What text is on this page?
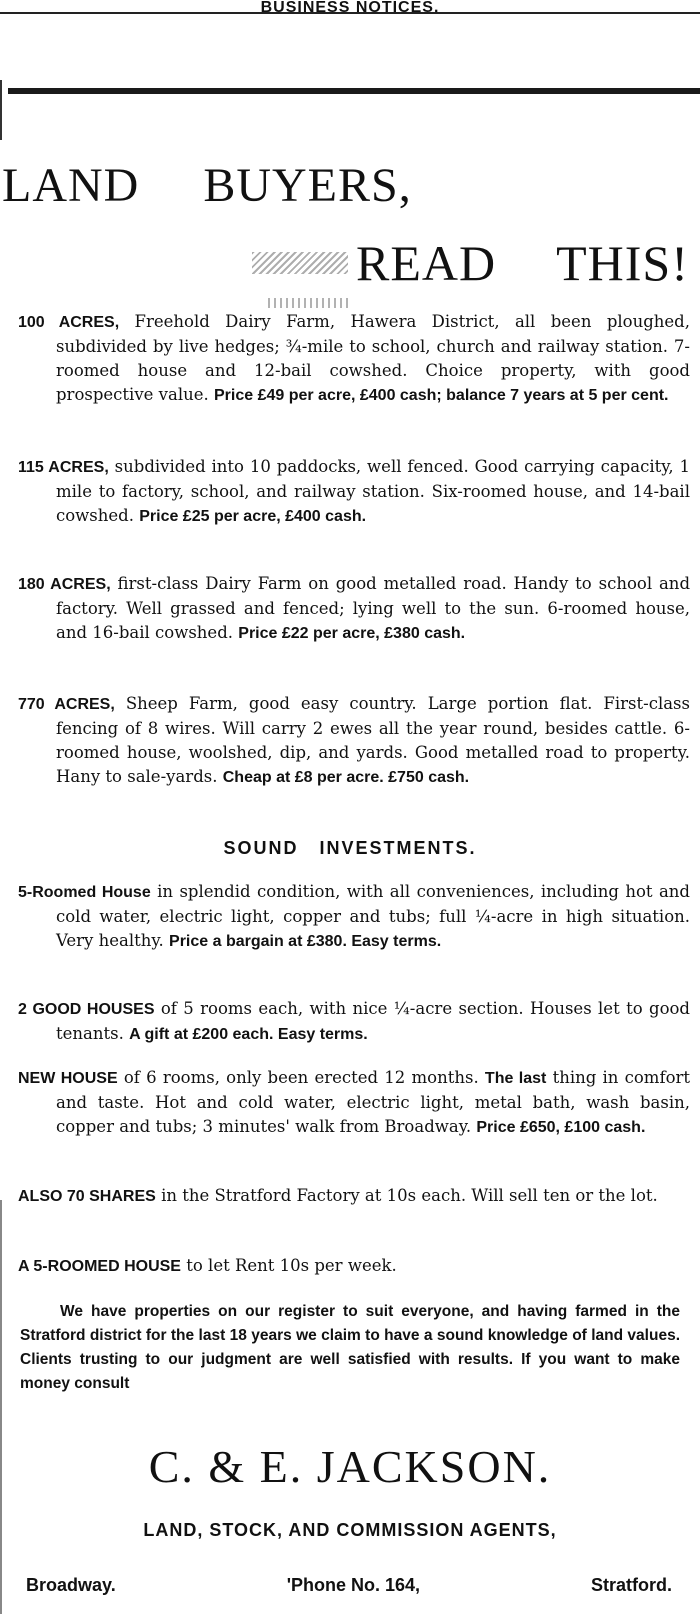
BUSINESS NOTICES.
LAND BUYERS,
READ THIS!
100 ACRES, Freehold Dairy Farm, Hawera District, all been ploughed, subdivided by live hedges; ¾-mile to school, church and railway station. 7-roomed house and 12-bail cowshed. Choice property, with good prospective value. Price £49 per acre, £400 cash; balance 7 years at 5 per cent.
115 ACRES, subdivided into 10 paddocks, well fenced. Good carrying capacity, 1 mile to factory, school, and railway station. Six-roomed house, and 14-bail cowshed. Price £25 per acre, £400 cash.
180 ACRES, first-class Dairy Farm on good metalled road. Handy to school and factory. Well grassed and fenced; lying well to the sun. 6-roomed house, and 16-bail cowshed. Price £22 per acre, £380 cash.
770 ACRES, Sheep Farm, good easy country. Large portion flat. First-class fencing of 8 wires. Will carry 2 ewes all the year round, besides cattle. 6-roomed house, woolshed, dip, and yards. Good metalled road to property. Hany to sale-yards. Cheap at £8 per acre. £750 cash.
SOUND INVESTMENTS.
5-Roomed House in splendid condition, with all conveniences, including hot and cold water, electric light, copper and tubs; full ¼-acre in high situation. Very healthy. Price a bargain at £380. Easy terms.
2 GOOD HOUSES of 5 rooms each, with nice ¼-acre section. Houses let to good tenants. A gift at £200 each. Easy terms.
NEW HOUSE of 6 rooms, only been erected 12 months. The last thing in comfort and taste. Hot and cold water, electric light, metal bath, wash basin, copper and tubs; 3 minutes' walk from Broadway. Price £650, £100 cash.
ALSO 70 SHARES in the Stratford Factory at 10s each. Will sell ten or the lot.
A 5-ROOMED HOUSE to let Rent 10s per week.
We have properties on our register to suit everyone, and having farmed in the Stratford district for the last 18 years we claim to have a sound knowledge of land values. Clients trusting to our judgment are well satisfied with results. If you want to make money consult
C. & E. JACKSON.
LAND, STOCK, AND COMMISSION AGENTS,
Broadway.	'Phone No. 164,	Stratford.
